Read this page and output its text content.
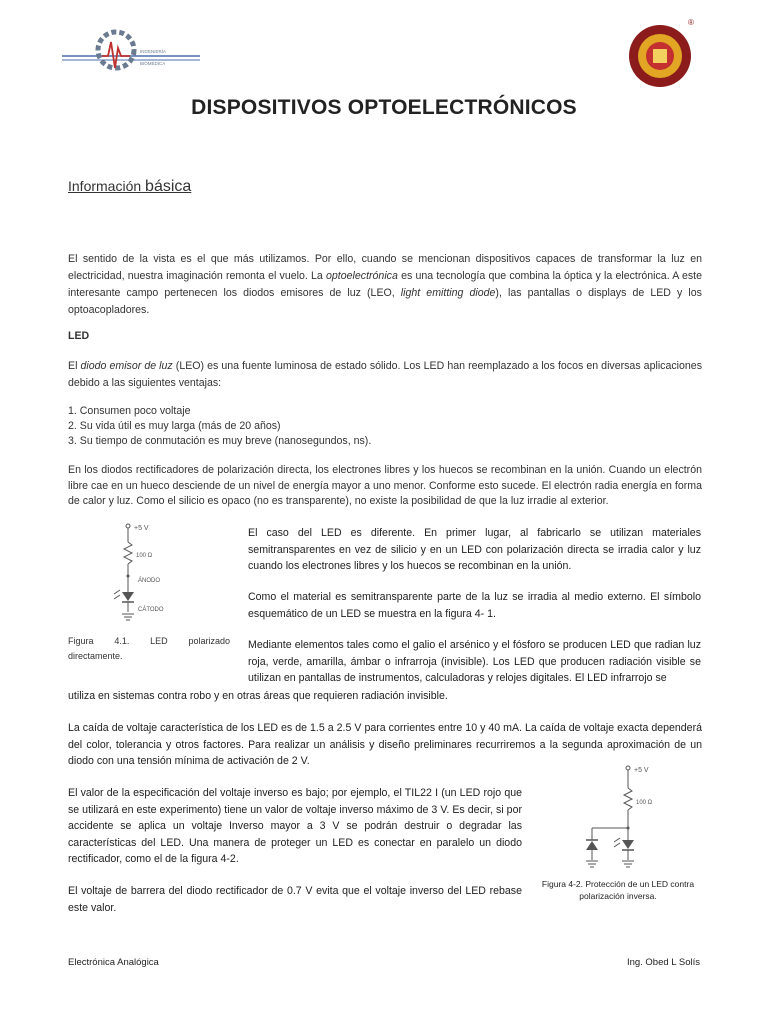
INGENIERÍA
BIOMÉDICA
®
DISPOSITIVOS OPTOELECTRÓNICOS
Información básica
El sentido de la vista es el que más utilizamos. Por ello, cuando se mencionan dispositivos capaces de transformar la luz en electricidad, nuestra imaginación remonta el vuelo. La optoelectrónica es una tecnología que combina la óptica y la electrónica. A este interesante campo pertenecen los diodos emisores de luz (LEO, light emitting diode), las pantallas o displays de LED y los optoacopladores.
LED
El diodo emisor de luz (LEO) es una fuente luminosa de estado sólido. Los LED han reemplazado a los focos en diversas aplicaciones debido a las siguientes ventajas:
1. Consumen poco voltaje
2. Su vida útil es muy larga (más de 20 años)
3. Su tiempo de conmutación es muy breve (nanosegundos, ns).
En los diodos rectificadores de polarización directa, los electrones libres y los huecos se recombinan en la unión. Cuando un electrón libre cae en un hueco desciende de un nivel de energía mayor a uno menor. Conforme esto sucede. El electrón radia energía en forma de calor y luz. Como el silicio es opaco (no es transparente), no existe la posibilidad de que la luz irradie al exterior.
+5 V
100 Ω
ÁNODO
CÁTODO
Figura 4.1. LED polarizado directamente.
El caso del LED es diferente. En primer lugar, al fabricarlo se utilizan materiales semitransparentes en vez de silicio y en un LED con polarización directa se irradia calor y luz cuando los electrones libres y los huecos se recombinan en la unión.
Como el material es semitransparente parte de la luz se irradia al medio externo. El símbolo esquemático de un LED se muestra en la figura 4- 1.
Mediante elementos tales como el galio el arsénico y el fósforo se producen LED que radian luz roja, verde, amarilla, ámbar o infrarroja (invisible). Los LED que producen radiación visible se utilizan en pantallas de instrumentos, calculadoras y relojes digitales. El LED infrarrojo se
utiliza en sistemas contra robo y en otras áreas que requieren radiación invisible.
La caída de voltaje característica de los LED es de 1.5 a 2.5 V para corrientes entre 10 y 40 mA. La caída de voltaje exacta dependerá del color, tolerancia y otros factores. Para realizar un análisis y diseño preliminares recurriremos a la segunda aproximación de un diodo con una tensión mínima de activación de 2 V.
El valor de la especificación del voltaje inverso es bajo; por ejemplo, el TIL22 I (un LED rojo que se utilizará en este experimento) tiene un valor de voltaje inverso máximo de 3 V. Es decir, si por accidente se aplica un voltaje Inverso mayor a 3 V se podrán destruir o degradar las características del LED. Una manera de proteger un LED es conectar en paralelo un diodo rectificador, como el de la figura 4-2.
El voltaje de barrera del diodo rectificador de 0.7 V evita que el voltaje inverso del LED rebase este valor.
+5 V
100 Ω
Figura 4-2. Protección de un LED contra polarización inversa.
Electrónica Analógica	Ing. Obed L Solís
